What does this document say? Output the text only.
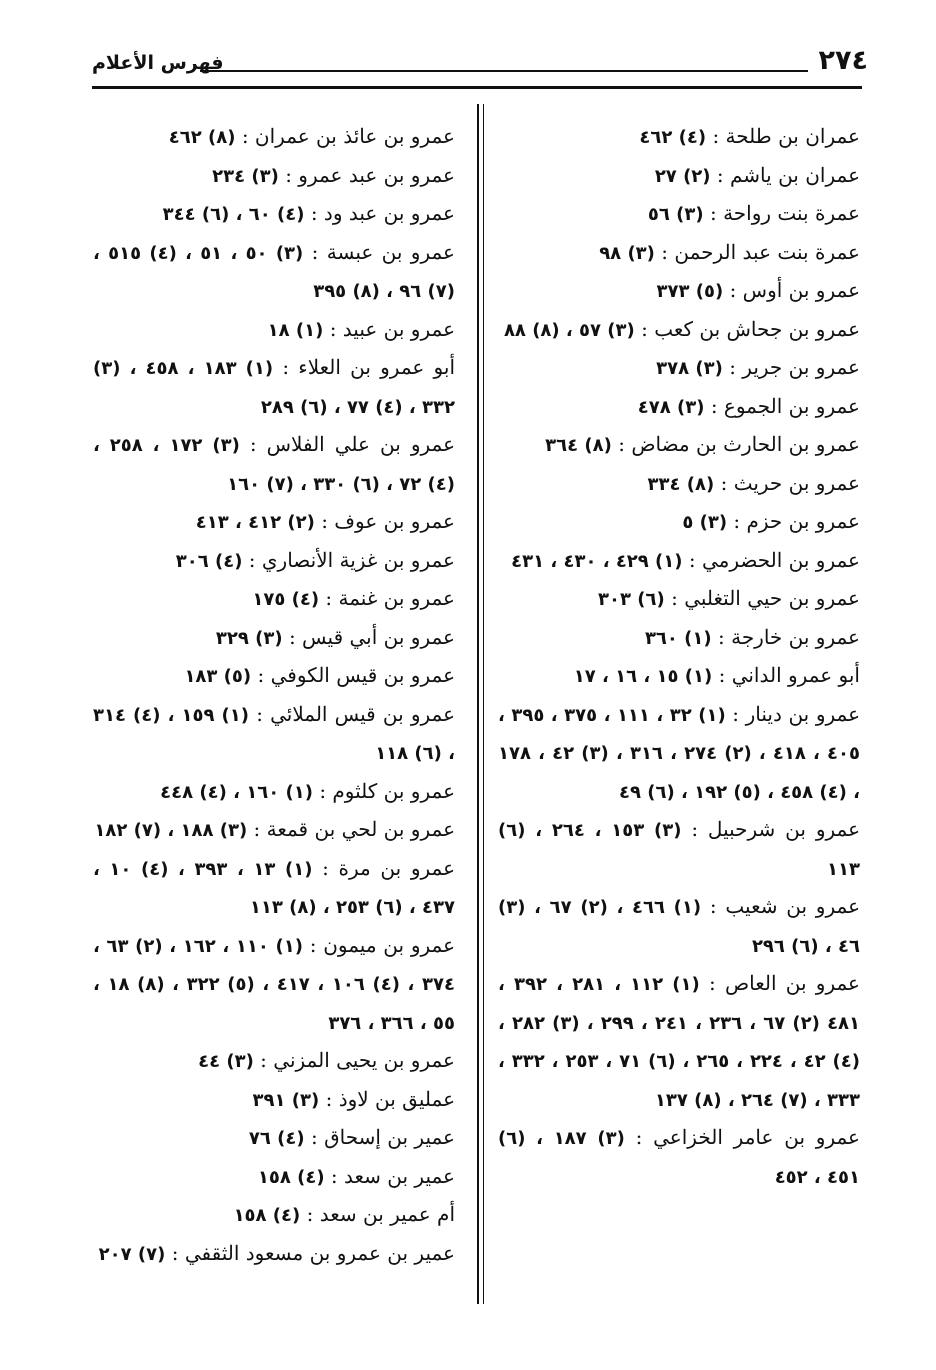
٢٧٤
فهرس الأعلام
عمران بن طلحة : (٤) ٤٦٢
عمران بن ياشم : (٢) ٢٧
عمرة بنت رواحة : (٣) ٥٦
عمرة بنت عبد الرحمن : (٣) ٩٨
عمرو بن أوس : (٥) ٣٧٣
عمرو بن جحاش بن كعب : (٣) ٥٧ ، (٨) ٨٨
عمرو بن جرير : (٣) ٣٧٨
عمرو بن الجموع : (٣) ٤٧٨
عمرو بن الحارث بن مضاض : (٨) ٣٦٤
عمرو بن حريث : (٨) ٣٣٤
عمرو بن حزم : (٣) ٥
عمرو بن الحضرمي : (١) ٤٢٩ ، ٤٣٠ ، ٤٣١
عمرو بن حيي التغلبي : (٦) ٣٠٣
عمرو بن خارجة : (١) ٣٦٠
أبو عمرو الداني : (١) ١٥ ، ١٦ ، ١٧
عمرو بن دينار : (١) ٣٢ ، ١١١ ، ٣٧٥ ، ٣٩٥ ، ٤٠٥ ، ٤١٨ ، (٢) ٢٧٤ ، ٣١٦ ، (٣) ٤٢ ، ١٧٨ ، (٤) ٤٥٨ ، (٥) ١٩٢ ، (٦) ٤٩
عمرو بن شرحبيل : (٣) ١٥٣ ، ٢٦٤ ، (٦) ١١٣
عمرو بن شعيب : (١) ٤٦٦ ، (٢) ٦٧ ، (٣) ٤٦ ، (٦) ٢٩٦
عمرو بن العاص : (١) ١١٢ ، ٢٨١ ، ٣٩٢ ، ٤٨١ (٢) ٦٧ ، ٢٣٦ ، ٢٤١ ، ٢٩٩ ، (٣) ٢٨٢ ، (٤) ٤٢ ، ٢٢٤ ، ٢٦٥ ، (٦) ٧١ ، ٢٥٣ ، ٣٣٢ ، ٣٣٣ ، (٧) ٢٦٤ ، (٨) ١٣٧
عمرو بن عامر الخزاعي : (٣) ١٨٧ ، (٦) ٤٥١ ، ٤٥٢
عمرو بن عائذ بن عمران : (٨) ٤٦٢
عمرو بن عبد عمرو : (٣) ٢٣٤
عمرو بن عبد ود : (٤) ٦٠ ، (٦) ٣٤٤
عمرو بن عبسة : (٣) ٥٠ ، ٥١ ، (٤) ٥١٥ ، (٧) ٩٦ ، (٨) ٣٩٥
عمرو بن عبيد : (١) ١٨
أبو عمرو بن العلاء : (١) ١٨٣ ، ٤٥٨ ، (٣) ٣٣٢ ، (٤) ٧٧ ، (٦) ٢٨٩
عمرو بن علي الفلاس : (٣) ١٧٢ ، ٢٥٨ ، (٤) ٧٢ ، (٦) ٣٣٠ ، (٧) ١٦٠
عمرو بن عوف : (٢) ٤١٢ ، ٤١٣
عمرو بن غزية الأنصاري : (٤) ٣٠٦
عمرو بن غنمة : (٤) ١٧٥
عمرو بن أبي قيس : (٣) ٣٢٩
عمرو بن قيس الكوفي : (٥) ١٨٣
عمرو بن قيس الملائي : (١) ١٥٩ ، (٤) ٣١٤ ، (٦) ١١٨
عمرو بن كلثوم : (١) ١٦٠ ، (٤) ٤٤٨
عمرو بن لحي بن قمعة : (٣) ١٨٨ ، (٧) ١٨٢
عمرو بن مرة : (١) ١٣ ، ٣٩٣ ، (٤) ١٠ ، ٤٣٧ ، (٦) ٢٥٣ ، (٨) ١١٣
عمرو بن ميمون : (١) ١١٠ ، ١٦٢ ، (٢) ٦٣ ، ٣٧٤ ، (٤) ١٠٦ ، ٤١٧ ، (٥) ٣٢٢ ، (٨) ١٨ ، ٥٥ ، ٣٦٦ ، ٣٧٦
عمرو بن يحيى المزني : (٣) ٤٤
عمليق بن لاوذ : (٣) ٣٩١
عمير بن إسحاق : (٤) ٧٦
عمير بن سعد : (٤) ١٥٨
أم عمير بن سعد : (٤) ١٥٨
عمير بن عمرو بن مسعود الثقفي : (٧) ٢٠٧
